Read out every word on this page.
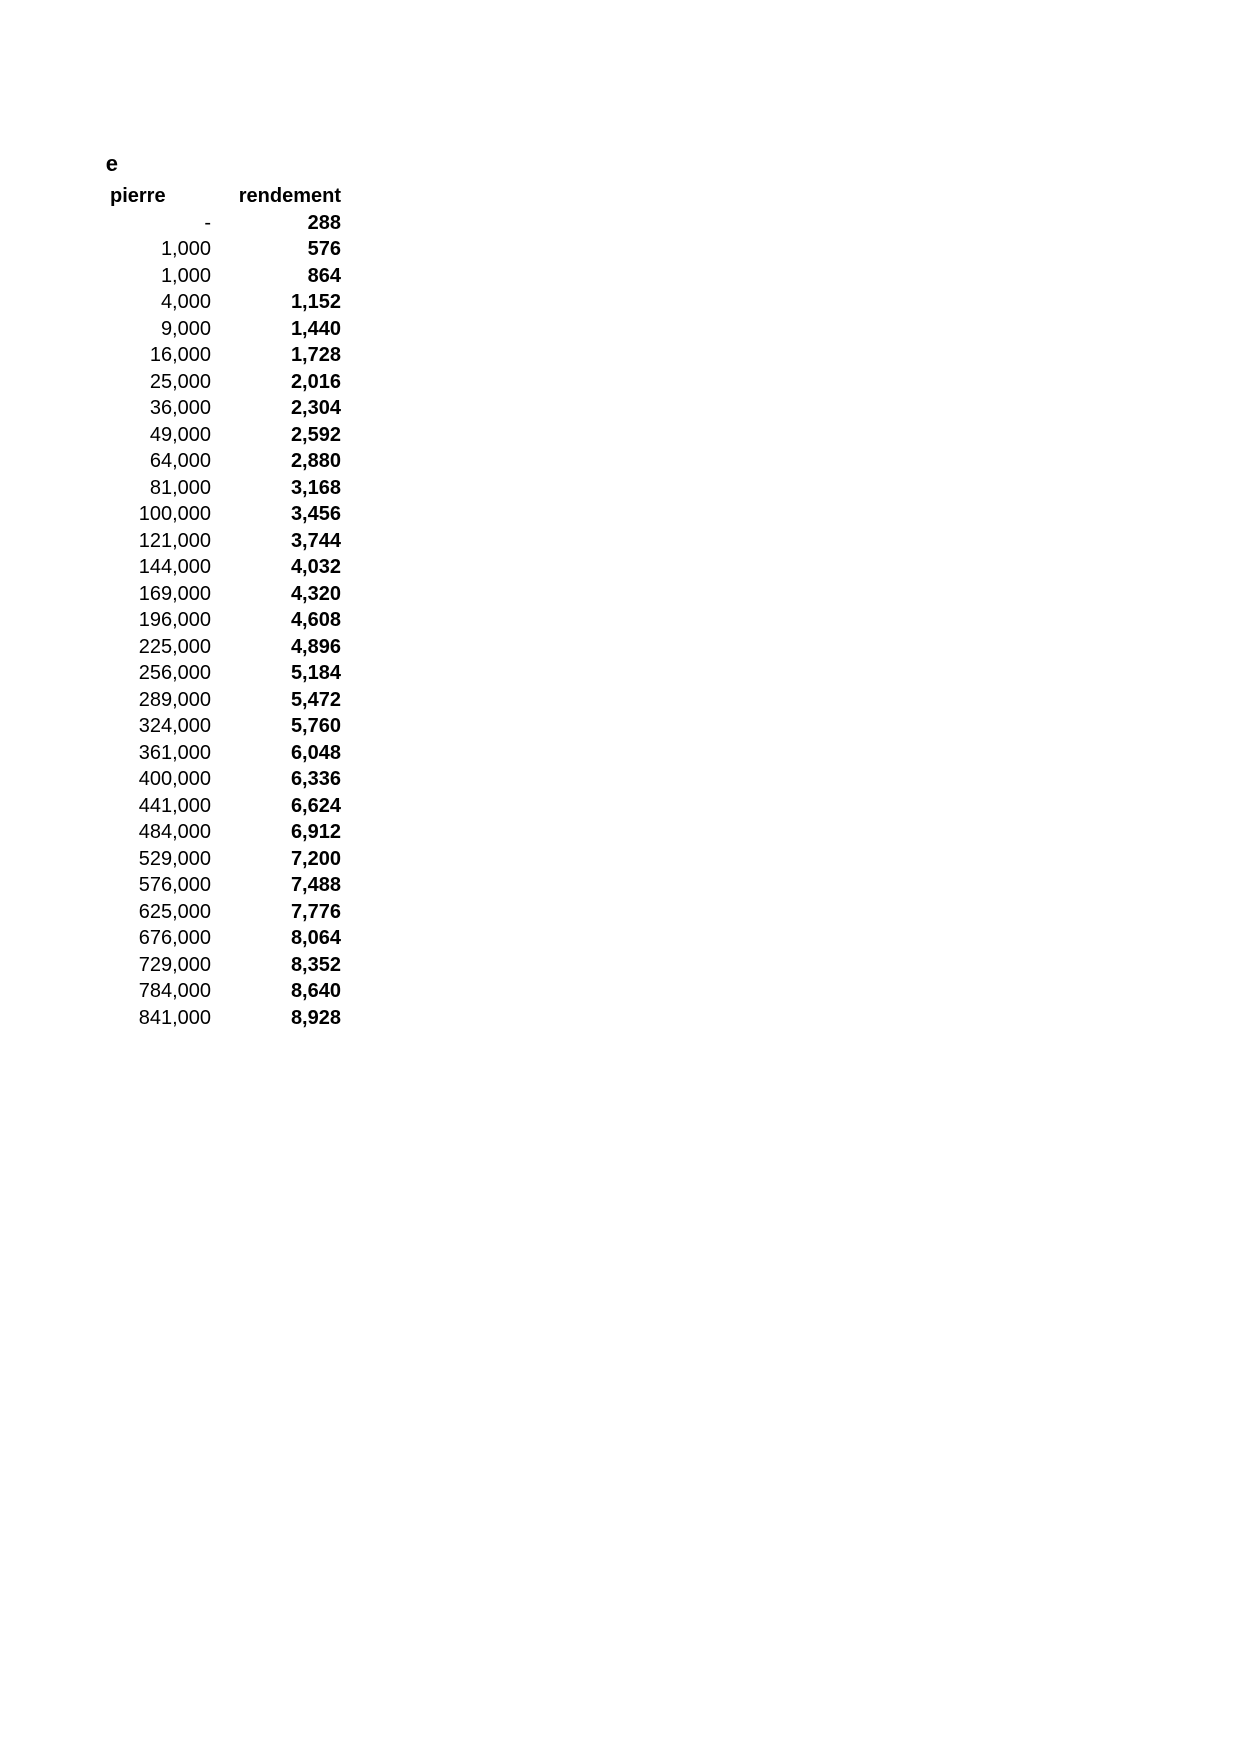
e
pierre	rendement
-	288
1,000	576
1,000	864
4,000	1,152
9,000	1,440
16,000	1,728
25,000	2,016
36,000	2,304
49,000	2,592
64,000	2,880
81,000	3,168
100,000	3,456
121,000	3,744
144,000	4,032
169,000	4,320
196,000	4,608
225,000	4,896
256,000	5,184
289,000	5,472
324,000	5,760
361,000	6,048
400,000	6,336
441,000	6,624
484,000	6,912
529,000	7,200
576,000	7,488
625,000	7,776
676,000	8,064
729,000	8,352
784,000	8,640
841,000	8,928
